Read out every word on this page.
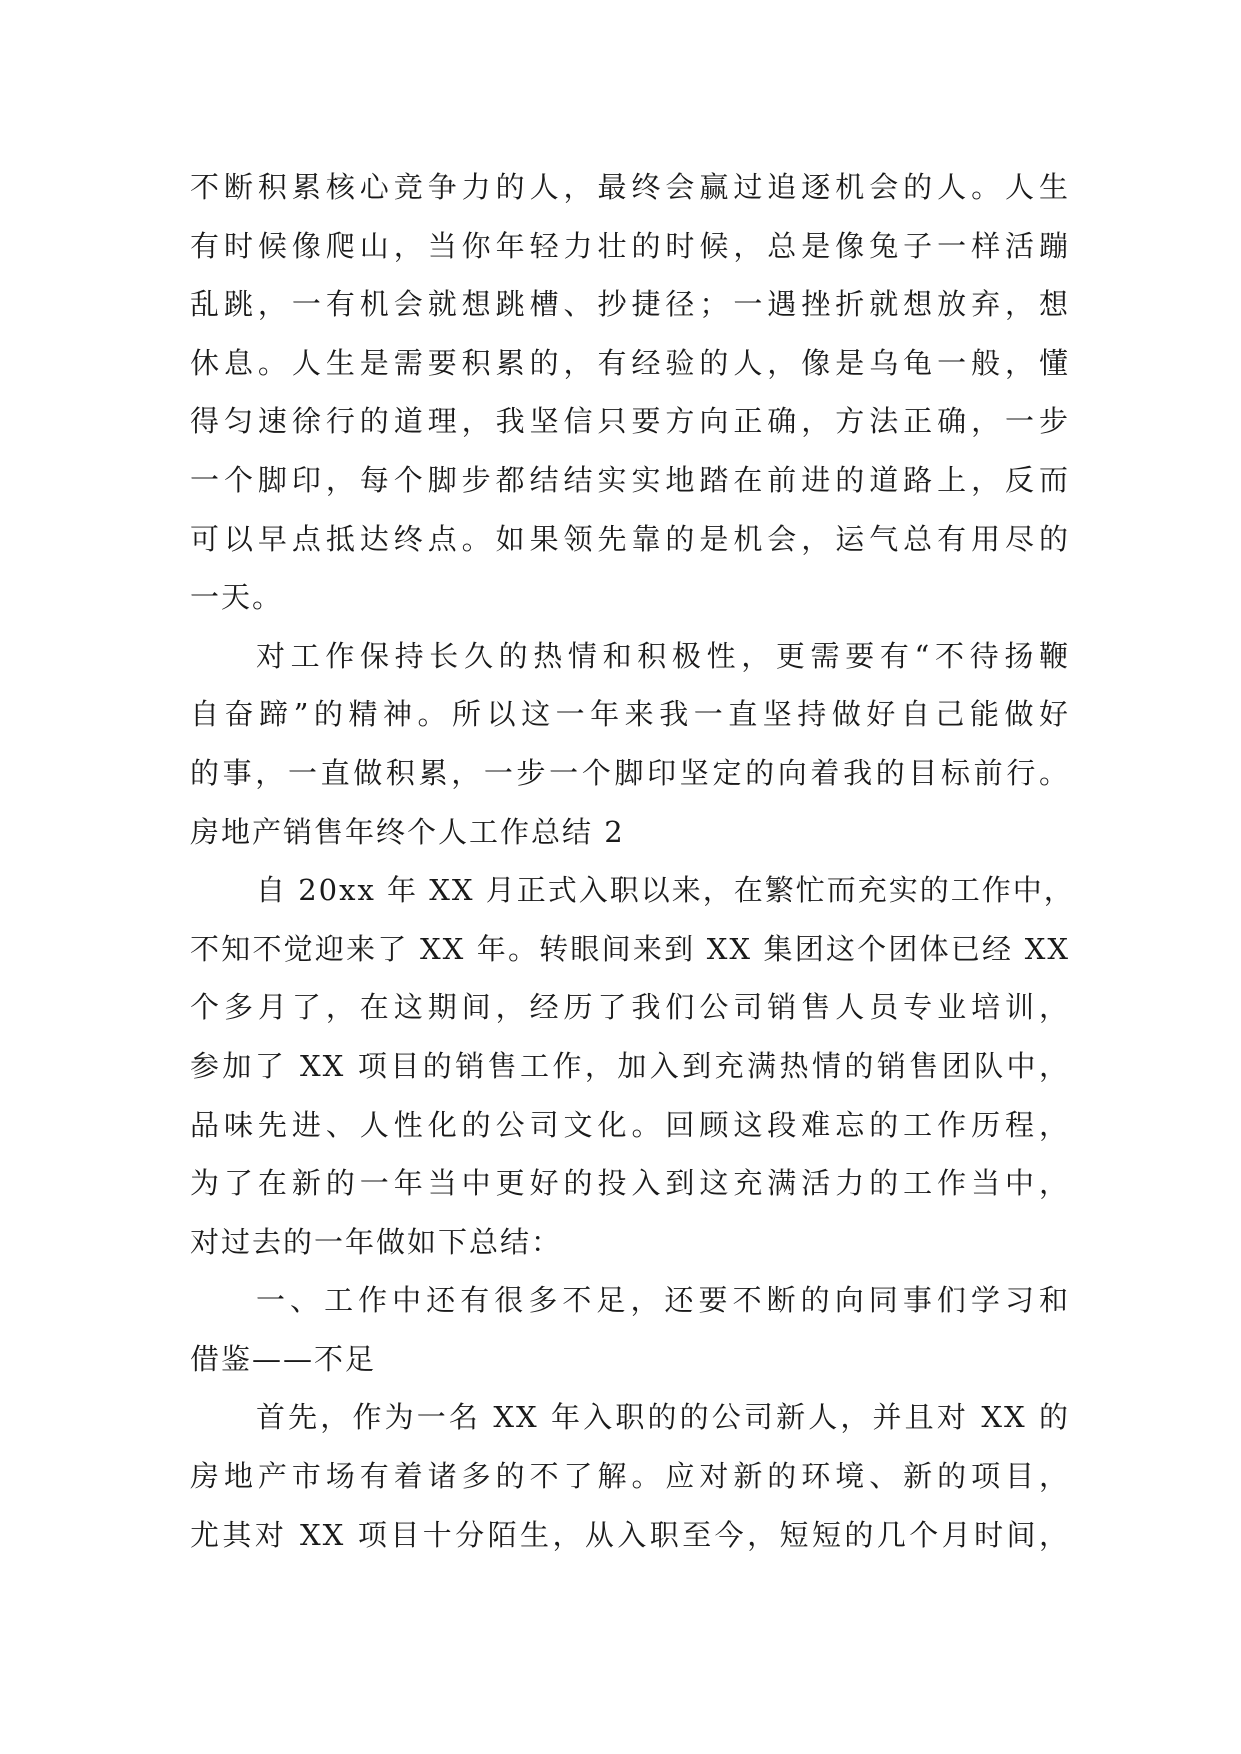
不断积累核心竞争力的人，最终会赢过追逐机会的人。人生
有时候像爬山，当你年轻力壮的时候，总是像兔子一样活蹦
乱跳，一有机会就想跳槽、抄捷径；一遇挫折就想放弃，想
休息。人生是需要积累的，有经验的人，像是乌龟一般，懂
得匀速徐行的道理，我坚信只要方向正确，方法正确，一步
一个脚印，每个脚步都结结实实地踏在前进的道路上，反而
可以早点抵达终点。如果领先靠的是机会，运气总有用尽的
一天。
对工作保持长久的热情和积极性，更需要有“不待扬鞭
自奋蹄”的精神。所以这一年来我一直坚持做好自己能做好
的事，一直做积累，一步一个脚印坚定的向着我的目标前行。
房地产销售年终个人工作总结 2
自 20xx 年 XX 月正式入职以来，在繁忙而充实的工作中，
不知不觉迎来了 XX 年。转眼间来到 XX 集团这个团体已经 XX
个多月了，在这期间，经历了我们公司销售人员专业培训，
参加了 XX 项目的销售工作，加入到充满热情的销售团队中，
品味先进、人性化的公司文化。回顾这段难忘的工作历程，
为了在新的一年当中更好的投入到这充满活力的工作当中，
对过去的一年做如下总结：
一、工作中还有很多不足，还要不断的向同事们学习和
借鉴——不足
首先，作为一名 XX 年入职的的公司新人，并且对 XX 的
房地产市场有着诸多的不了解。应对新的环境、新的项目，
尤其对 XX 项目十分陌生，从入职至今，短短的几个月时间，
